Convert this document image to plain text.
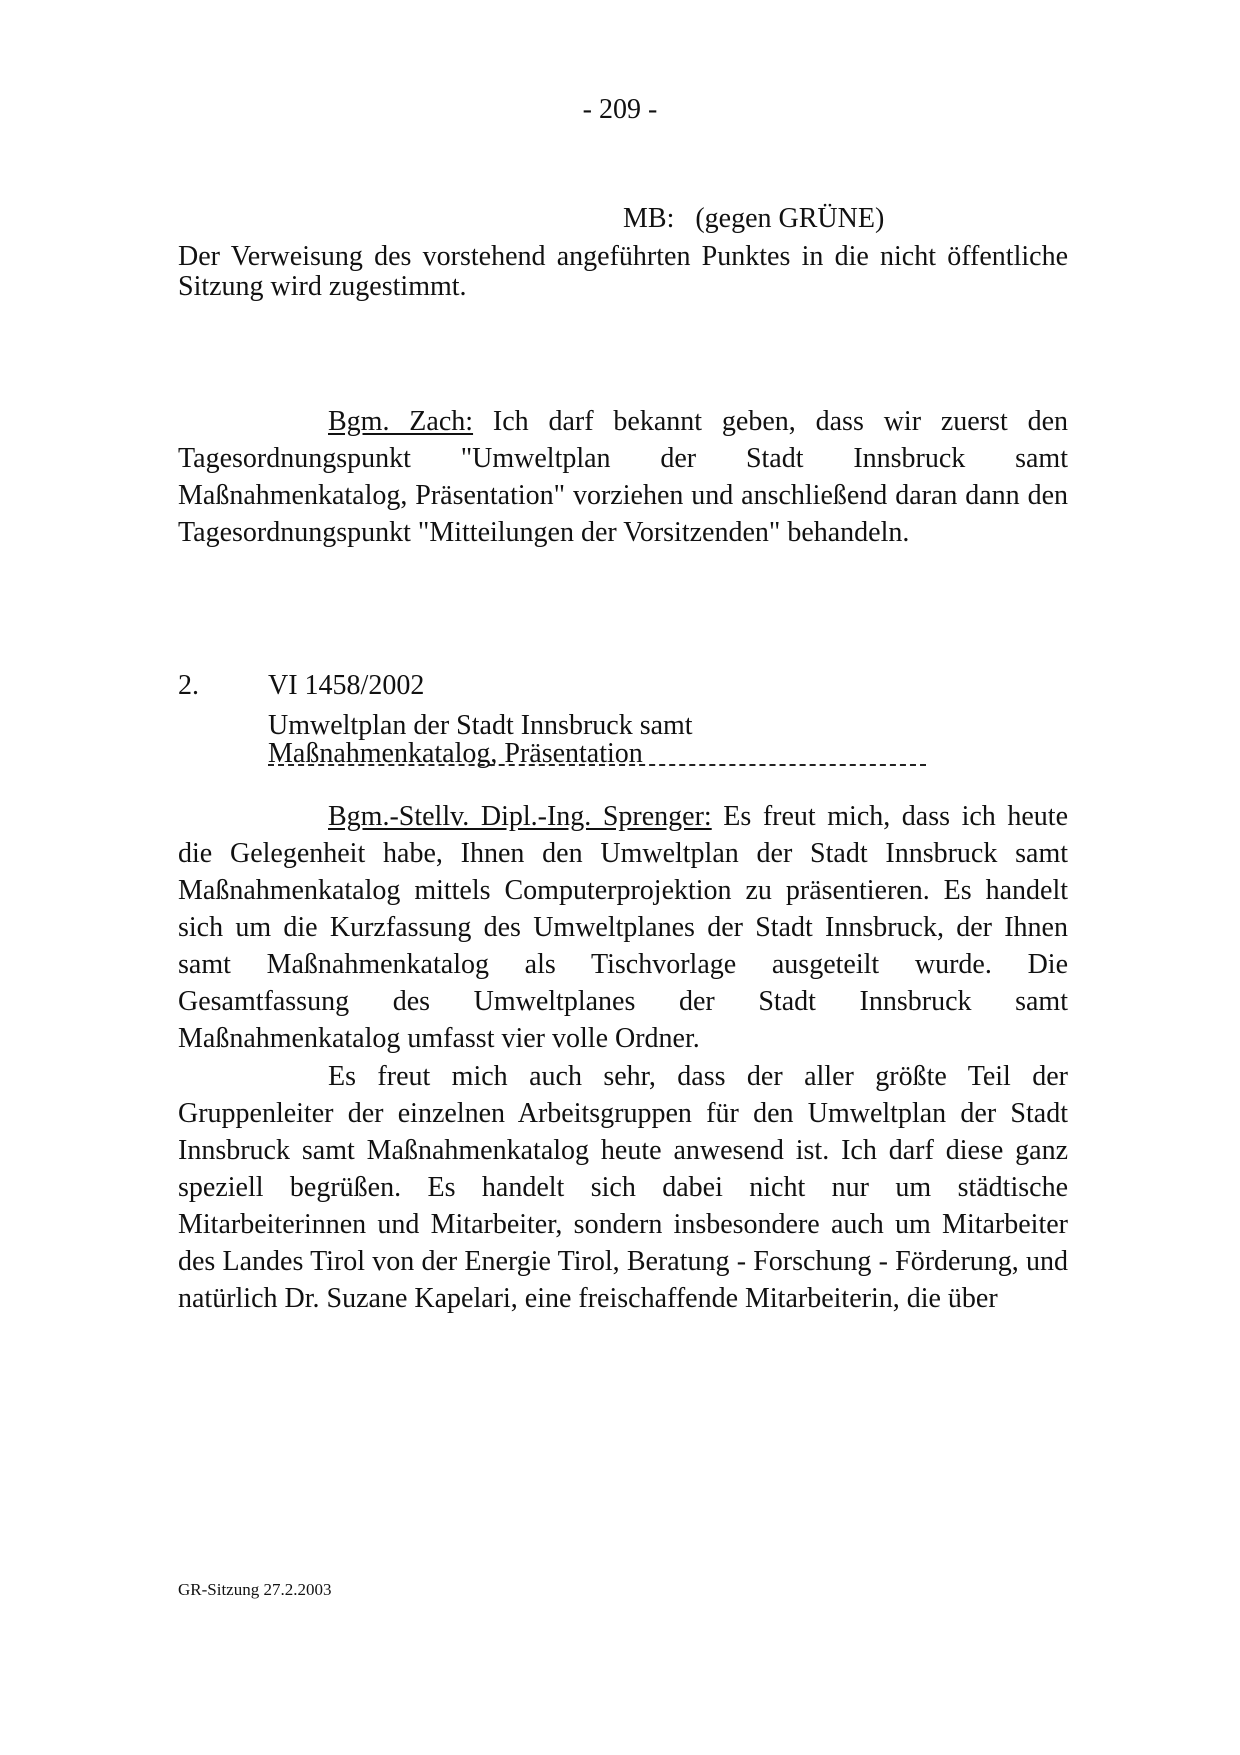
- 209 -
MB: (gegen GRÜNE)

Der Verweisung des vorstehend angeführten Punktes in die nicht öffentliche Sitzung wird zugestimmt.

Bgm. Zach: Ich darf bekannt geben, dass wir zuerst den Tagesordnungspunkt "Umweltplan der Stadt Innsbruck samt Maßnahmenkatalog, Präsentation" vorziehen und anschließend daran dann den Tagesordnungspunkt "Mitteilungen der Vorsitzenden" behandeln.

2. VI 1458/2002
Umweltplan der Stadt Innsbruck samt Maßnahmenkatalog, Präsentation

Bgm.-Stellv. Dipl.-Ing. Sprenger: Es freut mich, dass ich heute die Gelegenheit habe, Ihnen den Umweltplan der Stadt Innsbruck samt Maßnahmenkatalog mittels Computerprojektion zu präsentieren. Es handelt sich um die Kurzfassung des Umweltplanes der Stadt Innsbruck, der Ihnen samt Maßnahmenkatalog als Tischvorlage ausgeteilt wurde. Die Gesamtfassung des Umweltplanes der Stadt Innsbruck samt Maßnahmenkatalog umfasst vier volle Ordner.

Es freut mich auch sehr, dass der aller größte Teil der Gruppenleiter der einzelnen Arbeitsgruppen für den Umweltplan der Stadt Innsbruck samt Maßnahmenkatalog heute anwesend ist. Ich darf diese ganz speziell begrüßen. Es handelt sich dabei nicht nur um städtische Mitarbeiterinnen und Mitarbeiter, sondern insbesondere auch um Mitarbeiter des Landes Tirol von der Energie Tirol, Beratung - Forschung - Förderung, und natürlich Dr. Suzane Kapelari, eine freischaffende Mitarbeiterin, die über

GR-Sitzung 27.2.2003
